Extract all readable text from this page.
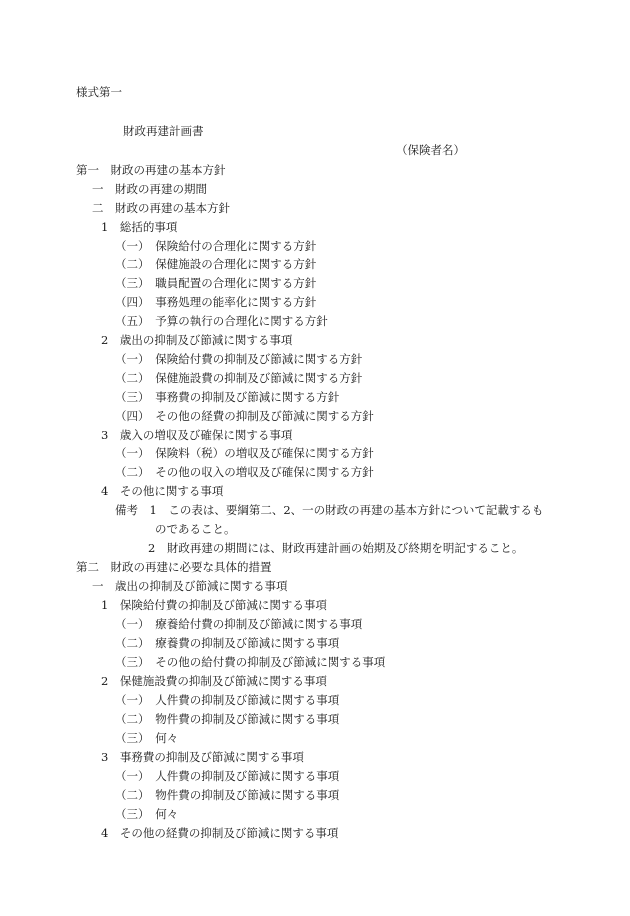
様式第一
財政再建計画書
（保険者名）
第一　財政の再建の基本方針
一　財政の再建の期間
二　財政の再建の基本方針
1　総括的事項
（一）　保険給付の合理化に関する方針
（二）　保健施設の合理化に関する方針
（三）　職員配置の合理化に関する方針
（四）　事務処理の能率化に関する方針
（五）　予算の執行の合理化に関する方針
2　歳出の抑制及び節減に関する事項
（一）　保険給付費の抑制及び節減に関する方針
（二）　保健施設費の抑制及び節減に関する方針
（三）　事務費の抑制及び節減に関する方針
（四）　その他の経費の抑制及び節減に関する方針
3　歳入の増収及び確保に関する事項
（一）　保険料（税）の増収及び確保に関する方針
（二）　その他の収入の増収及び確保に関する方針
4　その他に関する事項
備考　1　この表は、要綱第二、2、一の財政の再建の基本方針について記載するも
のであること。
2　財政再建の期間には、財政再建計画の始期及び終期を明記すること。
第二　財政の再建に必要な具体的措置
一　歳出の抑制及び節減に関する事項
1　保険給付費の抑制及び節減に関する事項
（一）　療養給付費の抑制及び節減に関する事項
（二）　療養費の抑制及び節減に関する事項
（三）　その他の給付費の抑制及び節減に関する事項
2　保健施設費の抑制及び節減に関する事項
（一）　人件費の抑制及び節減に関する事項
（二）　物件費の抑制及び節減に関する事項
（三）　何々
3　事務費の抑制及び節減に関する事項
（一）　人件費の抑制及び節減に関する事項
（二）　物件費の抑制及び節減に関する事項
（三）　何々
4　その他の経費の抑制及び節減に関する事項
